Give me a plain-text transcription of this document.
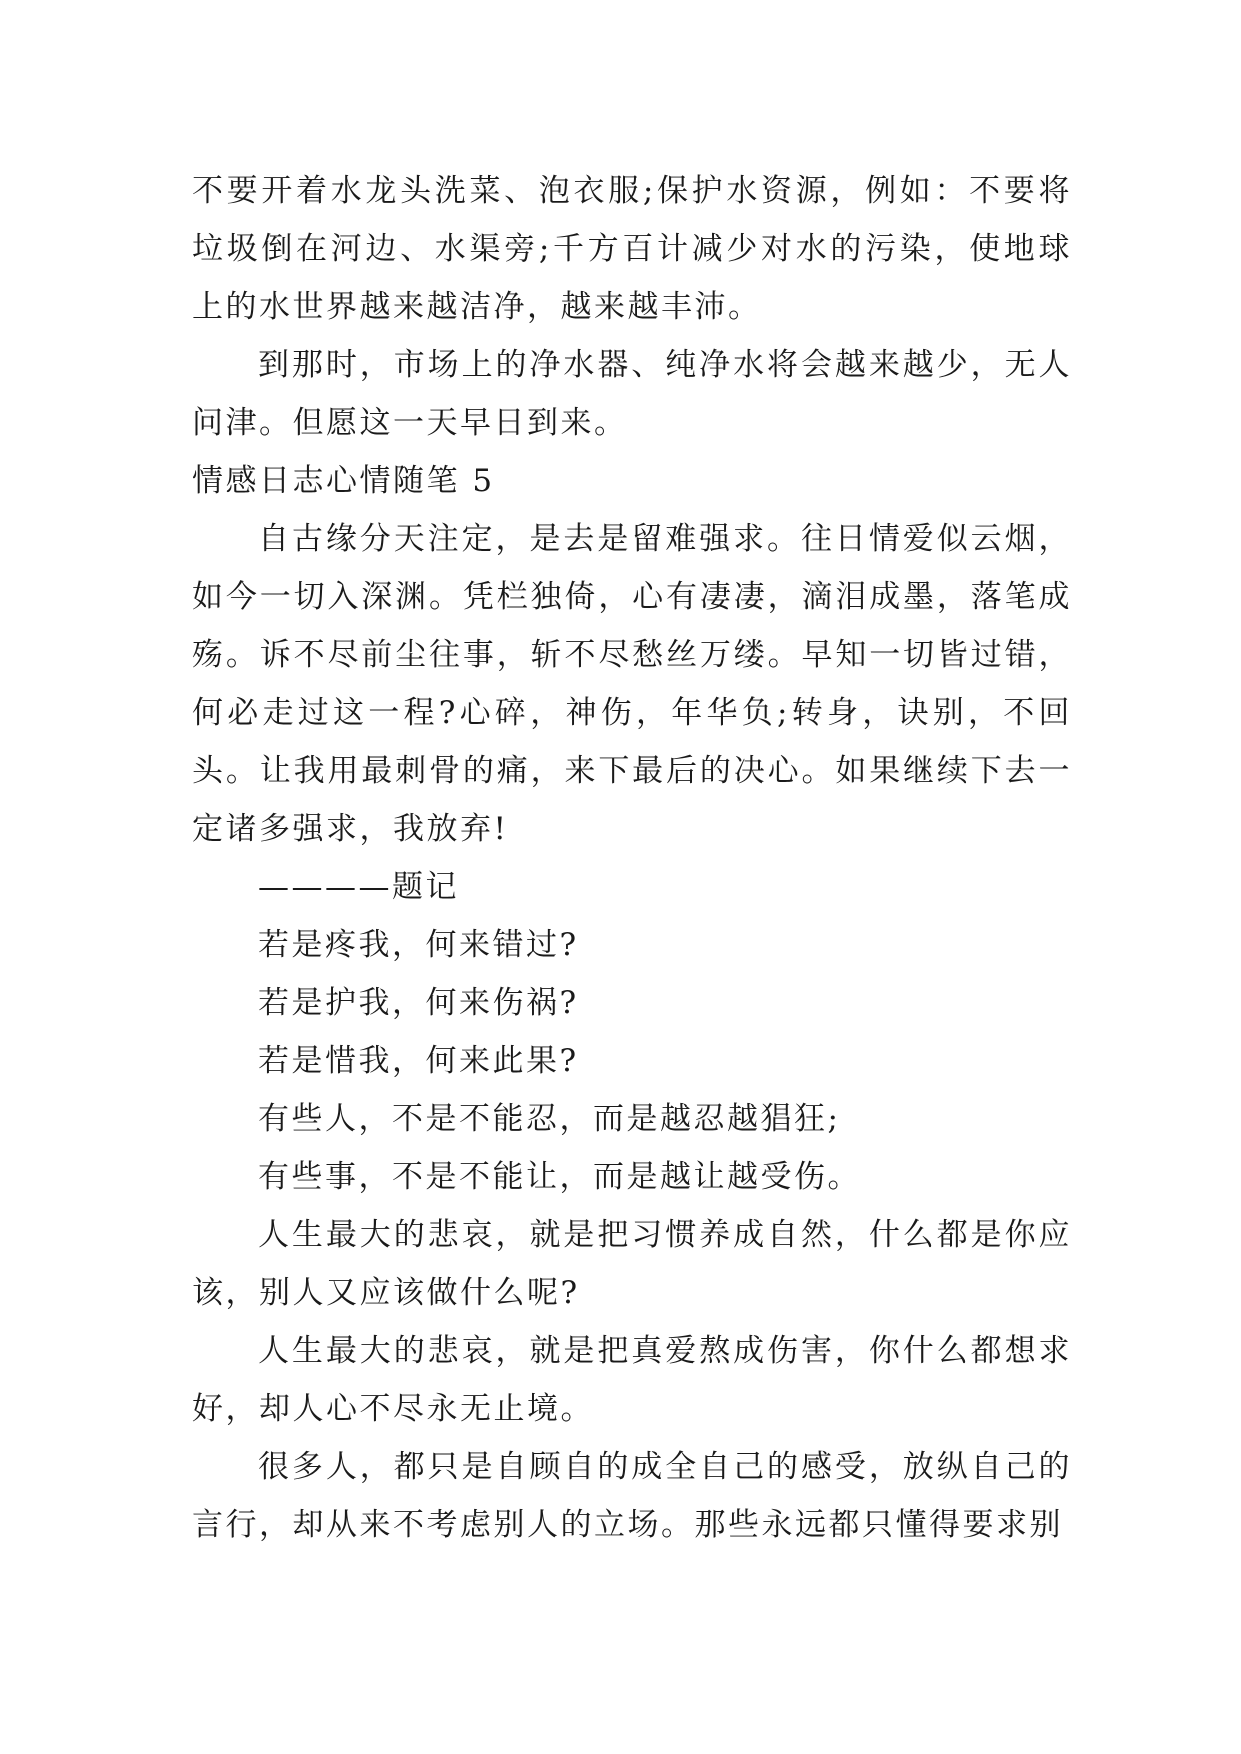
不要开着水龙头洗菜、泡衣服;保护水资源，例如：不要将垃圾倒在河边、水渠旁;千方百计减少对水的污染，使地球上的水世界越来越洁净，越来越丰沛。

到那时，市场上的净水器、纯净水将会越来越少，无人问津。但愿这一天早日到来。

情感日志心情随笔 5

自古缘分天注定，是去是留难强求。往日情爱似云烟，如今一切入深渊。凭栏独倚，心有凄凄，滴泪成墨，落笔成殇。诉不尽前尘往事，斩不尽愁丝万缕。早知一切皆过错，何必走过这一程?心碎，神伤，年华负;转身，诀别，不回头。让我用最刺骨的痛，来下最后的决心。如果继续下去一定诸多强求，我放弃!

————题记

若是疼我，何来错过?

若是护我，何来伤祸?

若是惜我，何来此果?

有些人，不是不能忍，而是越忍越猖狂;

有些事，不是不能让，而是越让越受伤。

人生最大的悲哀，就是把习惯养成自然，什么都是你应该，别人又应该做什么呢?

人生最大的悲哀，就是把真爱熬成伤害，你什么都想求好，却人心不尽永无止境。

很多人，都只是自顾自的成全自己的感受，放纵自己的言行，却从来不考虑别人的立场。那些永远都只懂得要求别
